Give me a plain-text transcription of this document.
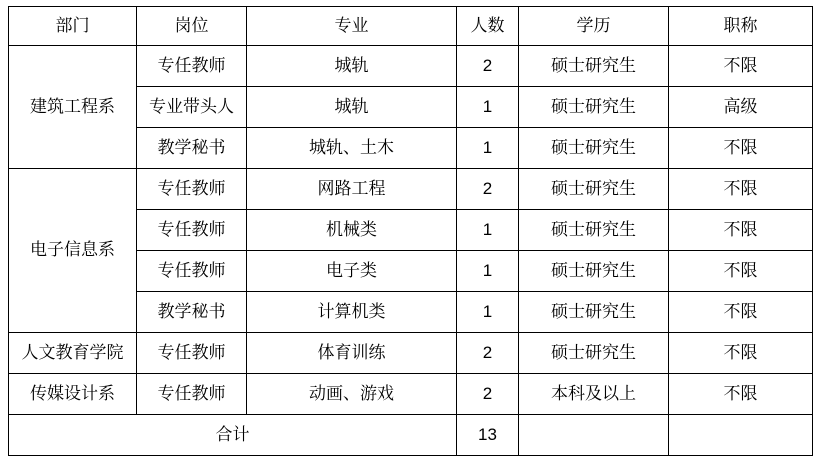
部门	岗位	专业	人数	学历	职称
建筑工程系	专任教师	城轨	2	硕士研究生	不限
	专业带头人	城轨	1	硕士研究生	高级
	教学秘书	城轨、土木	1	硕士研究生	不限
电子信息系	专任教师	网路工程	2	硕士研究生	不限
	专任教师	机械类	1	硕士研究生	不限
	专任教师	电子类	1	硕士研究生	不限
	教学秘书	计算机类	1	硕士研究生	不限
人文教育学院	专任教师	体育训练	2	硕士研究生	不限
传媒设计系	专任教师	动画、游戏	2	本科及以上	不限
合计			13		
